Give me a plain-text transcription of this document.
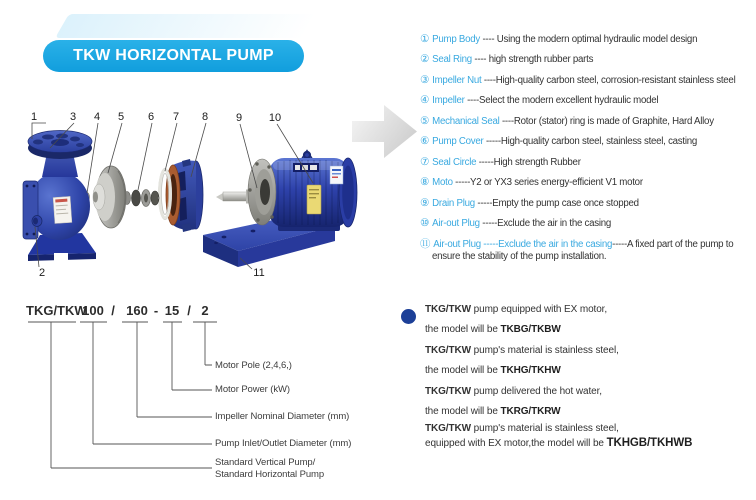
TKW HORIZONTAL PUMP
1
2
3 4 5 6 7 8	9 10
11
① Pump Body ---- Using the modern optimal hydraulic model design
② Seal Ring ---- high strength rubber parts
③ Impeller Nut ----High-quality carbon steel, corrosion-resistant stainless steel
④ Impeller ----Select the modern excellent hydraulic model
⑤ Mechanical Seal ----Rotor (stator) ring is made of Graphite, Hard Alloy
⑥ Pump Cover -----High-quality carbon steel, stainless steel, casting
⑦ Seal Circle -----High strength Rubber
⑧ Moto -----Y2 or YX3 series energy-efficient V1 motor
⑨ Drain Plug -----Empty the pump case once stopped
⑩ Air-out Plug -----Exclude the air in the casing
⑪ Air-out Plug -----Exclude the air in the casing-----A fixed part of the pump to ensure the stability of the pump installation.
TKG/TKW
100 / 160 - 15 / 2
Motor Pole (2,4,6,)
Motor Power (kW)
Impeller Nominal Diameter (mm)
Pump Inlet/Outlet Diameter (mm)
Standard Vertical Pump/
Standard Horizontal Pump
TKG/TKW pump equipped with EX motor,
the model will be TKBG/TKBW
TKG/TKW pump's material is stainless steel,
the model will be TKHG/TKHW
TKG/TKW pump delivered the hot water,
the model will be TKRG/TKRW
TKG/TKW pump's material is stainless steel,
equipped with EX motor,the model will be TKHGB/TKHWB
